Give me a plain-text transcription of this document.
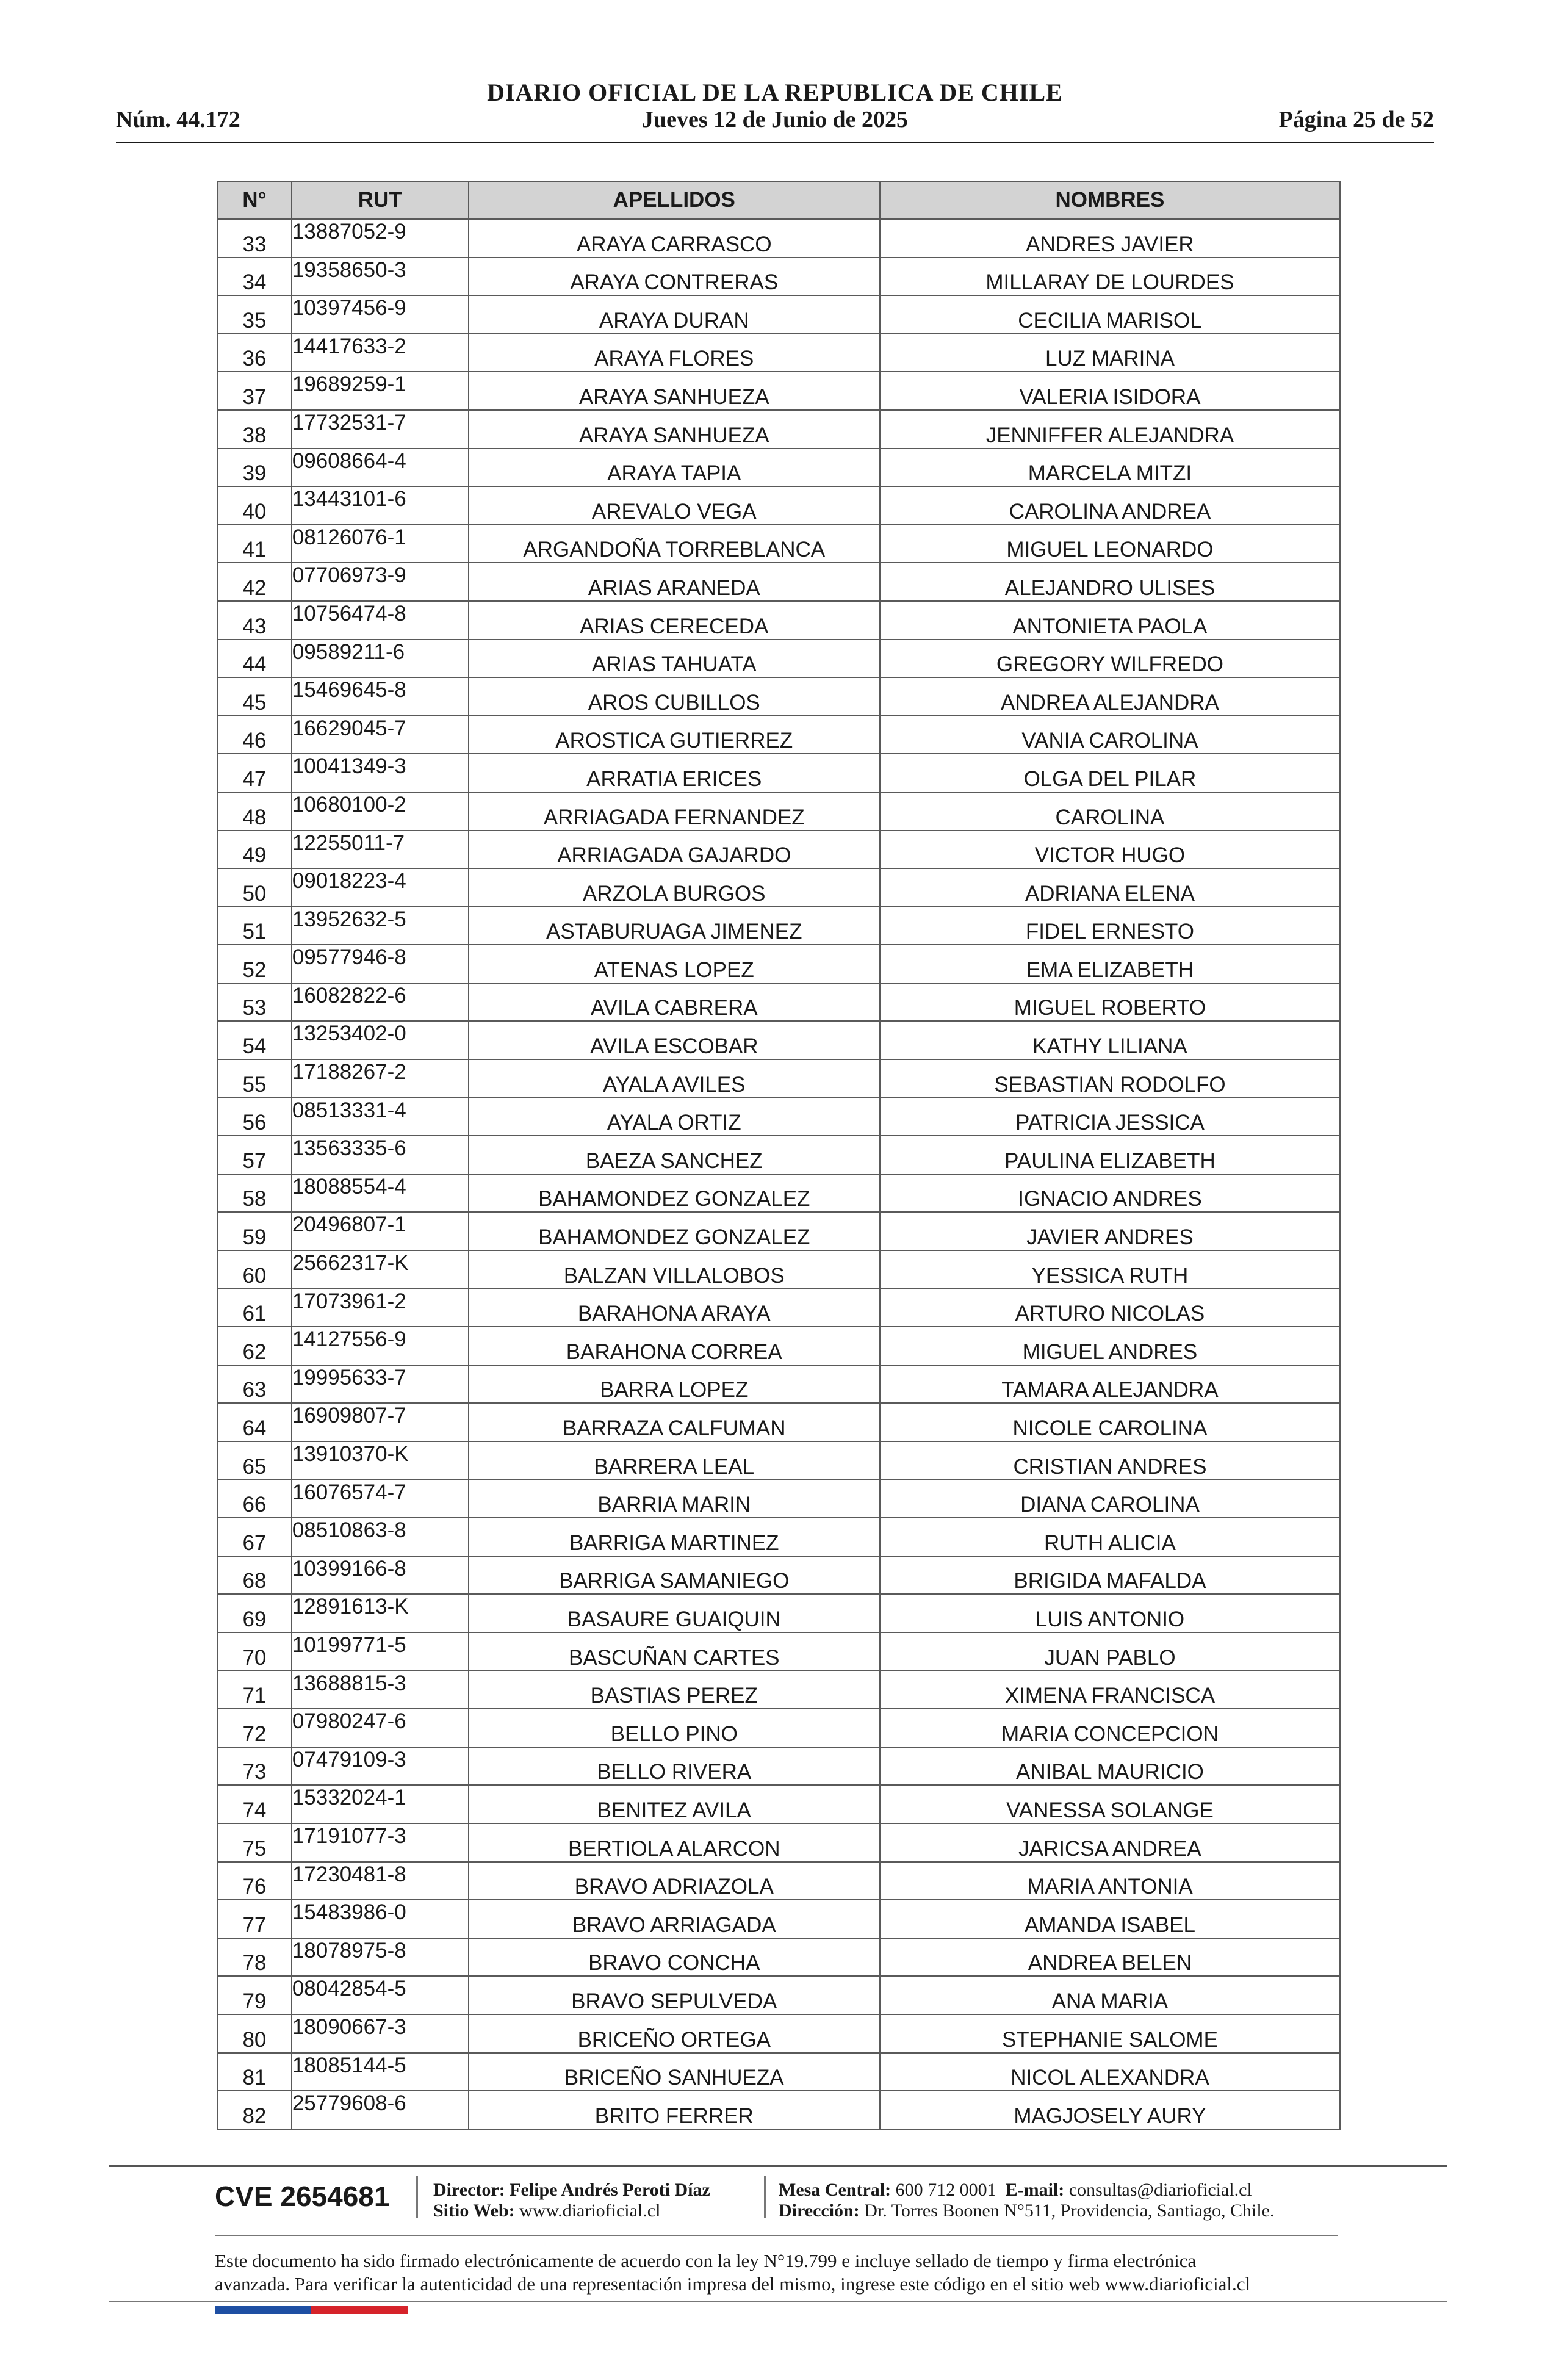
DIARIO OFICIAL DE LA REPUBLICA DE CHILE
Jueves 12 de Junio de 2025
Núm. 44.172	Página 25 de 52
N°	RUT	APELLIDOS	NOMBRES
33	13887052-9	ARAYA CARRASCO	ANDRES JAVIER
34	19358650-3	ARAYA CONTRERAS	MILLARAY DE LOURDES
35	10397456-9	ARAYA DURAN	CECILIA MARISOL
36	14417633-2	ARAYA FLORES	LUZ MARINA
37	19689259-1	ARAYA SANHUEZA	VALERIA ISIDORA
38	17732531-7	ARAYA SANHUEZA	JENNIFFER ALEJANDRA
39	09608664-4	ARAYA TAPIA	MARCELA MITZI
40	13443101-6	AREVALO VEGA	CAROLINA ANDREA
41	08126076-1	ARGANDOÑA TORREBLANCA	MIGUEL LEONARDO
42	07706973-9	ARIAS ARANEDA	ALEJANDRO ULISES
43	10756474-8	ARIAS CERECEDA	ANTONIETA PAOLA
44	09589211-6	ARIAS TAHUATA	GREGORY WILFREDO
45	15469645-8	AROS CUBILLOS	ANDREA ALEJANDRA
46	16629045-7	AROSTICA GUTIERREZ	VANIA CAROLINA
47	10041349-3	ARRATIA ERICES	OLGA DEL PILAR
48	10680100-2	ARRIAGADA FERNANDEZ	CAROLINA
49	12255011-7	ARRIAGADA GAJARDO	VICTOR HUGO
50	09018223-4	ARZOLA BURGOS	ADRIANA ELENA
51	13952632-5	ASTABURUAGA JIMENEZ	FIDEL ERNESTO
52	09577946-8	ATENAS LOPEZ	EMA ELIZABETH
53	16082822-6	AVILA CABRERA	MIGUEL ROBERTO
54	13253402-0	AVILA ESCOBAR	KATHY LILIANA
55	17188267-2	AYALA AVILES	SEBASTIAN RODOLFO
56	08513331-4	AYALA ORTIZ	PATRICIA JESSICA
57	13563335-6	BAEZA SANCHEZ	PAULINA ELIZABETH
58	18088554-4	BAHAMONDEZ GONZALEZ	IGNACIO ANDRES
59	20496807-1	BAHAMONDEZ GONZALEZ	JAVIER ANDRES
60	25662317-K	BALZAN VILLALOBOS	YESSICA RUTH
61	17073961-2	BARAHONA ARAYA	ARTURO NICOLAS
62	14127556-9	BARAHONA CORREA	MIGUEL ANDRES
63	19995633-7	BARRA LOPEZ	TAMARA ALEJANDRA
64	16909807-7	BARRAZA CALFUMAN	NICOLE CAROLINA
65	13910370-K	BARRERA LEAL	CRISTIAN ANDRES
66	16076574-7	BARRIA MARIN	DIANA CAROLINA
67	08510863-8	BARRIGA MARTINEZ	RUTH ALICIA
68	10399166-8	BARRIGA SAMANIEGO	BRIGIDA MAFALDA
69	12891613-K	BASAURE GUAIQUIN	LUIS ANTONIO
70	10199771-5	BASCUÑAN CARTES	JUAN PABLO
71	13688815-3	BASTIAS PEREZ	XIMENA FRANCISCA
72	07980247-6	BELLO PINO	MARIA CONCEPCION
73	07479109-3	BELLO RIVERA	ANIBAL MAURICIO
74	15332024-1	BENITEZ AVILA	VANESSA SOLANGE
75	17191077-3	BERTIOLA ALARCON	JARICSA ANDREA
76	17230481-8	BRAVO ADRIAZOLA	MARIA ANTONIA
77	15483986-0	BRAVO ARRIAGADA	AMANDA ISABEL
78	18078975-8	BRAVO CONCHA	ANDREA BELEN
79	08042854-5	BRAVO SEPULVEDA	ANA MARIA
80	18090667-3	BRICEÑO ORTEGA	STEPHANIE SALOME
81	18085144-5	BRICEÑO SANHUEZA	NICOL ALEXANDRA
82	25779608-6	BRITO FERRER	MAGJOSELY AURY
CVE 2654681 Director: Felipe Andrés Peroti Díaz
Sitio Web: www.diarioficial.cl
Mesa Central: 600 712 0001 E-mail: consultas@diarioficial.cl
Dirección: Dr. Torres Boonen N°511, Providencia, Santiago, Chile.
Este documento ha sido firmado electrónicamente de acuerdo con la ley N°19.799 e incluye sellado de tiempo y firma electrónica
avanzada. Para verificar la autenticidad de una representación impresa del mismo, ingrese este código en el sitio web www.diarioficial.cl
